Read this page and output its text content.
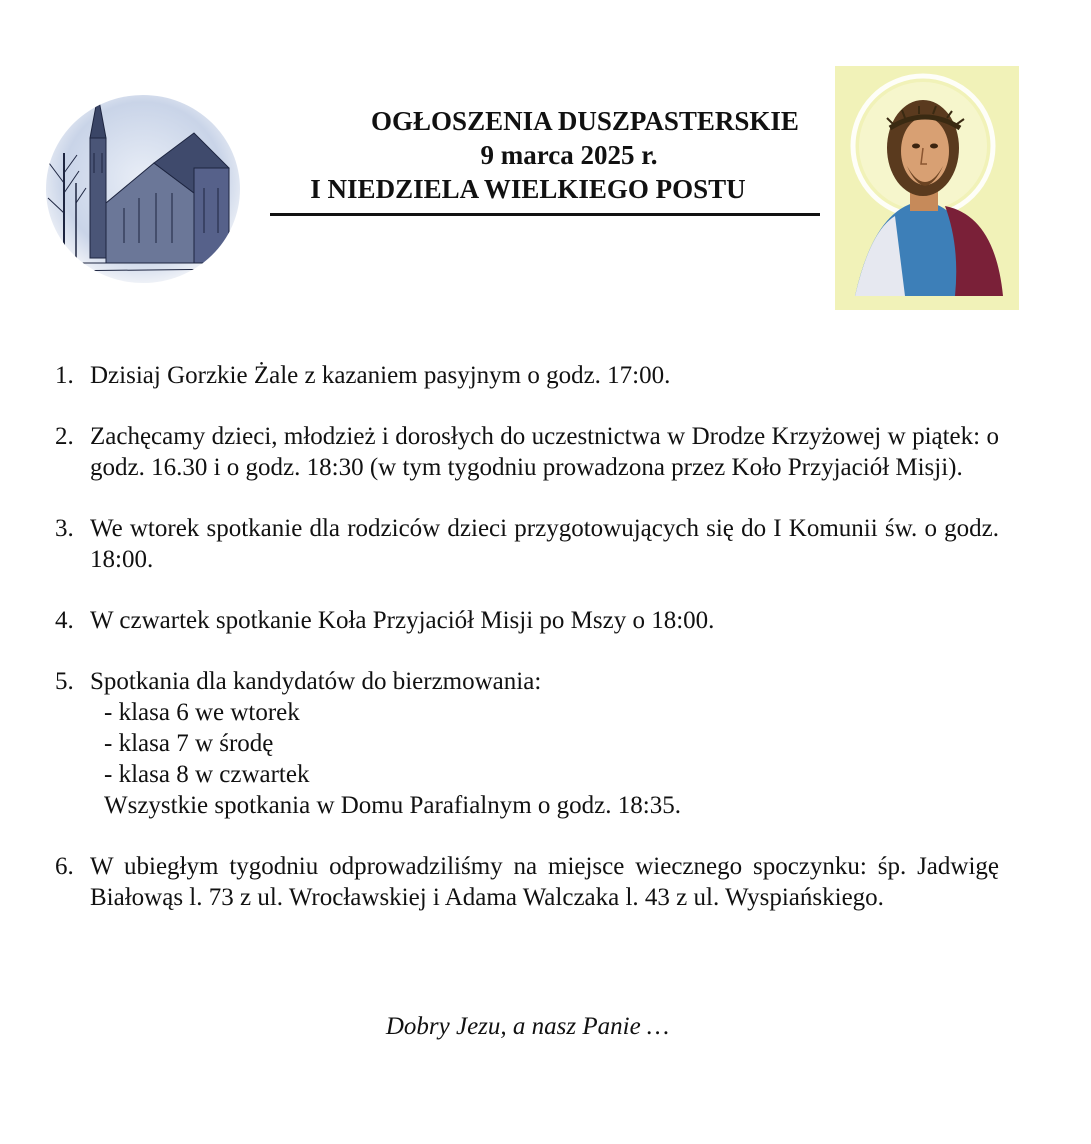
OGŁOSZENIA DUSZPASTERSKIE
9 marca 2025 r.
I NIEDZIELA WIELKIEGO POSTU
1. Dzisiaj Gorzkie Żale z kazaniem pasyjnym o godz. 17:00.
2. Zachęcamy dzieci, młodzież i dorosłych do uczestnictwa w Drodze Krzyżowej w piątek: o godz. 16.30 i o godz. 18:30 (w tym tygodniu prowadzona przez Koło Przyjaciół Misji).
3. We wtorek spotkanie dla rodziców dzieci przygotowujących się do I Komunii św. o godz. 18:00.
4. W czwartek spotkanie Koła Przyjaciół Misji po Mszy o 18:00.
5. Spotkania dla kandydatów do bierzmowania:
- klasa 6 we wtorek
- klasa 7 w środę
- klasa 8 w czwartek
Wszystkie spotkania w Domu Parafialnym o godz. 18:35.
6. W ubiegłym tygodniu odprowadziliśmy na miejsce wiecznego spoczynku: śp. Jadwigę Białowąs l. 73 z ul. Wrocławskiej i Adama Walczaka l. 43 z ul. Wyspiańskiego.
Dobry Jezu, a nasz Panie …
